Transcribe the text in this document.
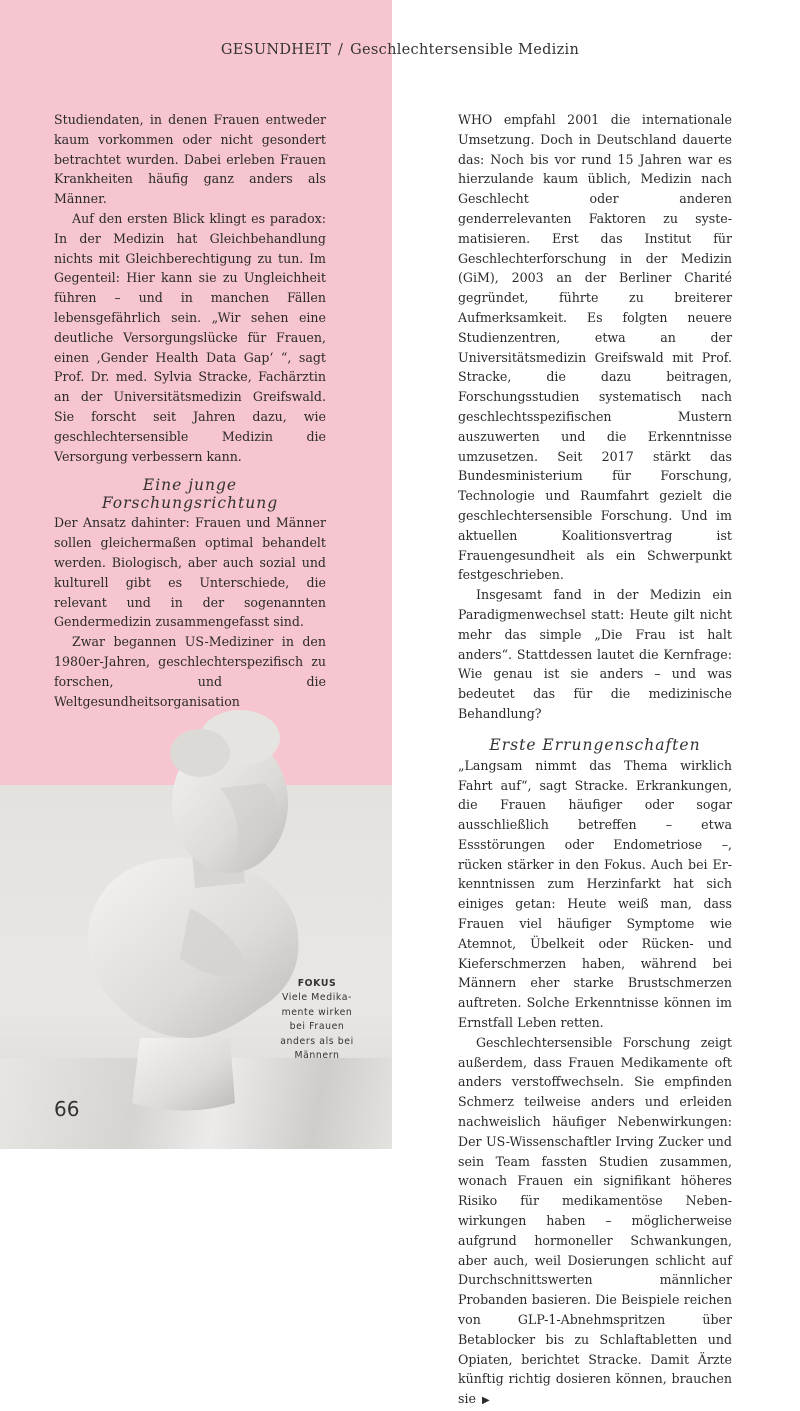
GESUNDHEIT / Geschlechtersensible Medizin

Studiendaten, in denen Frauen entweder kaum vorkommen oder nicht gesondert betrachtet wurden. Dabei erleben Frauen Krankheiten häufig ganz anders als Männer.

Auf den ersten Blick klingt es paradox: In der Medizin hat Gleichbehandlung nichts mit Gleichberechtigung zu tun. Im Gegenteil: Hier kann sie zu Ungleichheit führen – und in manchen Fällen lebensgefährlich sein. „Wir sehen eine deutliche Versorgungslücke für Frauen, einen ‚Gender Health Data Gap‘ “, sagt Prof. Dr. med. Sylvia Stracke, Fachärztin an der Universitätsmedizin Greifswald. Sie forscht seit Jahren dazu, wie geschlechtersensible Medizin die Versorgung verbessern kann.

Eine junge
Forschungsrichtung

Der Ansatz dahinter: Frauen und Männer sollen gleichermaßen optimal behandelt werden. Biologisch, aber auch sozial und kulturell gibt es Unterschiede, die relevant und in der sogenannten Gendermedizin zusammengefasst sind.

Zwar begannen US-Mediziner in den 1980er-Jahren, geschlechterspezifisch zu forschen, und die Weltgesundheitsorganisation

WHO empfahl 2001 die internationale Umsetzung. Doch in Deutschland dauerte das: Noch bis vor rund 15 Jahren war es hierzulande kaum üblich, Medizin nach Geschlecht oder anderen genderrelevanten Faktoren zu systematisieren. Erst das Institut für Geschlechterforschung in der Medizin (GiM), 2003 an der Berliner Charité gegründet, führte zu breiterer Aufmerksamkeit. Es folgten neuere Studienzentren, etwa an der Universitätsmedizin Greifswald mit Prof. Stracke, die dazu beitragen, Forschungsstudien systematisch nach geschlechtsspezifischen Mustern auszuwerten und die Erkenntnisse umzusetzen. Seit 2017 stärkt das Bundesministerium für Forschung, Technologie und Raumfahrt gezielt die geschlechtersensible Forschung. Und im aktuellen Koalitionsvertrag ist Frauengesundheit als ein Schwerpunkt festgeschrieben.

Insgesamt fand in der Medizin ein Paradigmenwechsel statt: Heute gilt nicht mehr das simple „Die Frau ist halt anders“. Stattdessen lautet die Kernfrage: Wie genau ist sie anders – und was bedeutet das für die medizinische Behandlung?

Erste Errungenschaften

„Langsam nimmt das Thema wirklich Fahrt auf“, sagt Stracke. Erkrankungen, die Frauen häufiger oder sogar ausschließlich betreffen – etwa Essstörungen oder Endometriose –, rücken stärker in den Fokus. Auch bei Erkenntnissen zum Herzinfarkt hat sich einiges getan: Heute weiß man, dass Frauen viel häufiger Symptome wie Atemnot, Übelkeit oder Rücken- und Kieferschmerzen haben, während bei Männern eher starke Brustschmerzen auftreten. Solche Erkenntnisse können im Ernstfall Leben retten.

Geschlechtersensible Forschung zeigt außerdem, dass Frauen Medikamente oft anders verstoffwechseln. Sie empfinden Schmerz teilweise anders und erleiden nachweislich häufiger Nebenwirkungen: Der US-Wissenschaftler Irving Zucker und sein Team fassten Studien zusammen, wonach Frauen ein signifikant höheres Risiko für medikamentöse Nebenwirkungen haben – möglicherweise aufgrund hormoneller Schwankungen, aber auch, weil Dosierungen schlicht auf Durchschnittswerten männlicher Probanden basieren. Die Beispiele reichen von GLP-1-Abnehmspritzen über Betablocker bis zu Schlaftabletten und Opiaten, berichtet Stracke. Damit Ärzte künftig richtig dosieren können, brauchen sie ▶

FOKUS
Viele Medika-
mente wirken
bei Frauen
anders als bei
Männern
66
